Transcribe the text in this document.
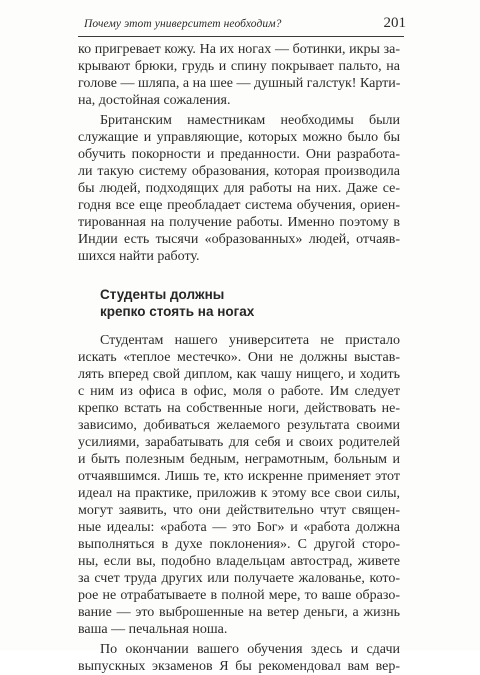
Почему этот университет необходим?	201
ко пригревает кожу. На их ногах — ботинки, икры за-
крывают брюки, грудь и спину покрывает пальто, на
голове — шляпа, а на шее — душный галстук! Карти-
на, достойная сожаления.
Британским наместникам необходимы были
служащие и управляющие, которых можно было бы
обучить покорности и преданности. Они разработа-
ли такую систему образования, которая производила
бы людей, подходящих для работы на них. Даже се-
годня все еще преобладает система обучения, ориен-
тированная на получение работы. Именно поэтому в
Индии есть тысячи «образованных» людей, отчаяв-
шихся найти работу.
Студенты должны
крепко стоять на ногах
Студентам нашего университета не пристало
искать «теплое местечко». Они не должны выстав-
лять вперед свой диплом, как чашу нищего, и ходить
с ним из офиса в офис, моля о работе. Им следует
крепко встать на собственные ноги, действовать не-
зависимо, добиваться желаемого результата своими
усилиями, зарабатывать для себя и своих родителей
и быть полезным бедным, неграмотным, больным и
отчаявшимся. Лишь те, кто искренне применяет этот
идеал на практике, приложив к этому все свои силы,
могут заявить, что они действительно чтут священ-
ные идеалы: «работа — это Бог» и «работа должна
выполняться в духе поклонения». С другой сторо-
ны, если вы, подобно владельцам автострад, живете
за счет труда других или получаете жалованье, кото-
рое не отрабатываете в полной мере, то ваше образо-
вание — это выброшенные на ветер деньги, а жизнь
ваша — печальная ноша.
По окончании вашего обучения здесь и сдачи
выпускных экзаменов Я бы рекомендовал вам вер-
